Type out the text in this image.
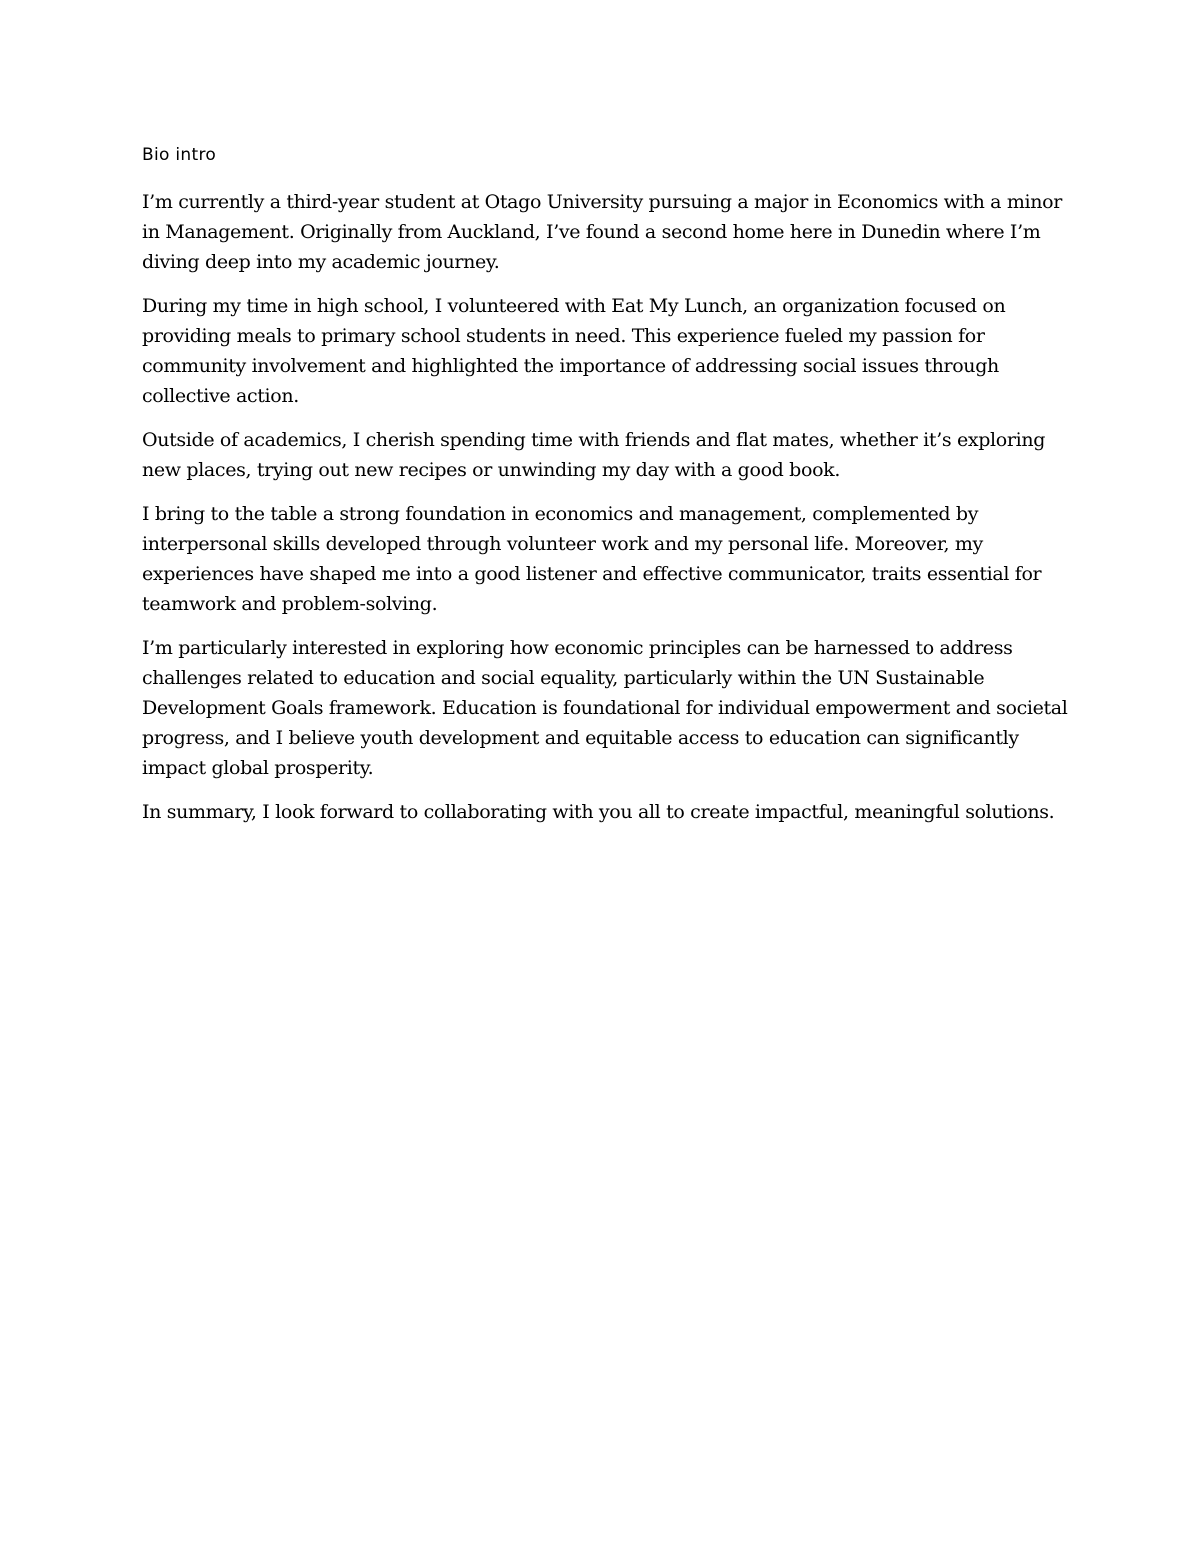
Bio intro

I’m currently a third-year student at Otago University pursuing a major in Economics with a minor in Management. Originally from Auckland, I’ve found a second home here in Dunedin where I’m diving deep into my academic journey.

During my time in high school, I volunteered with Eat My Lunch, an organization focused on providing meals to primary school students in need. This experience fueled my passion for community involvement and highlighted the importance of addressing social issues through collective action.

Outside of academics, I cherish spending time with friends and flat mates, whether it’s exploring new places, trying out new recipes or unwinding my day with a good book.

I bring to the table a strong foundation in economics and management, complemented by interpersonal skills developed through volunteer work and my personal life. Moreover, my experiences have shaped me into a good listener and effective communicator, traits essential for teamwork and problem-solving.

I’m particularly interested in exploring how economic principles can be harnessed to address challenges related to education and social equality, particularly within the UN Sustainable Development Goals framework. Education is foundational for individual empowerment and societal progress, and I believe youth development and equitable access to education can significantly impact global prosperity.

In summary, I look forward to collaborating with you all to create impactful, meaningful solutions.
